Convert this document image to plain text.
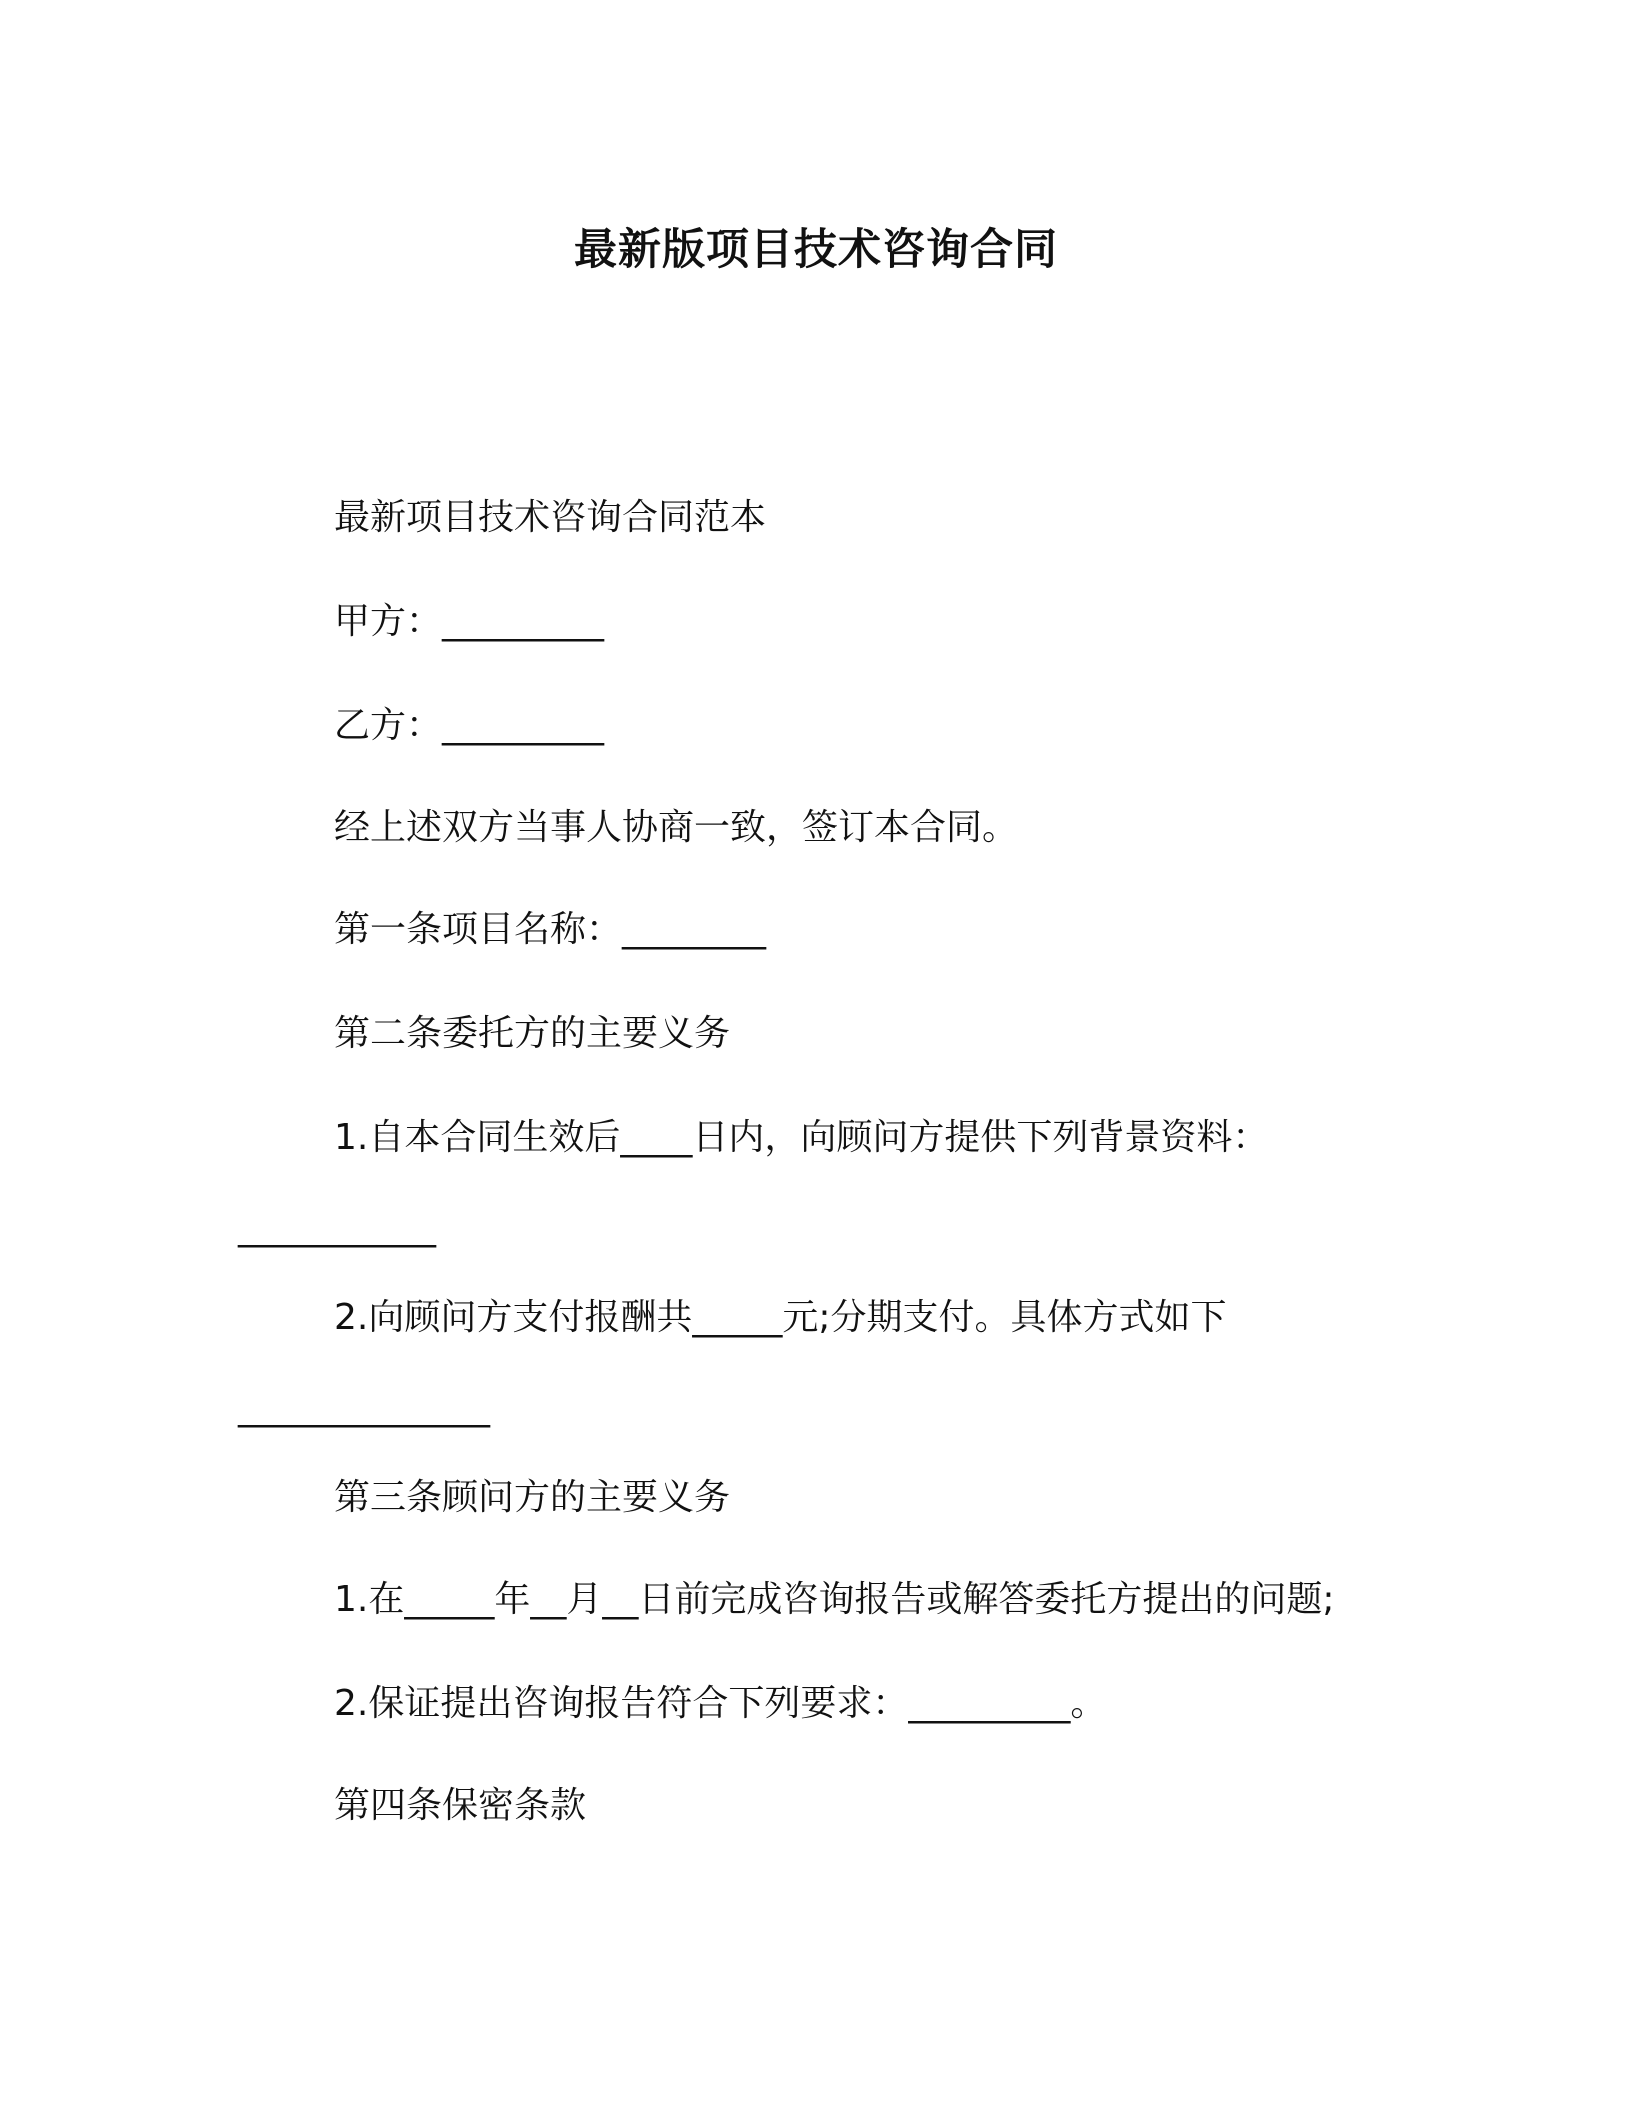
最新版项目技术咨询合同
最新项目技术咨询合同范本
甲方：_________
乙方：_________
经上述双方当事人协商一致，签订本合同。
第一条项目名称：________
第二条委托方的主要义务
1.自本合同生效后____日内，向顾问方提供下列背景资料：
___________
2.向顾问方支付报酬共_____元;分期支付。具体方式如下
______________
第三条顾问方的主要义务
1.在_____年__月__日前完成咨询报告或解答委托方提出的问题;
2.保证提出咨询报告符合下列要求：_________。
第四条保密条款
